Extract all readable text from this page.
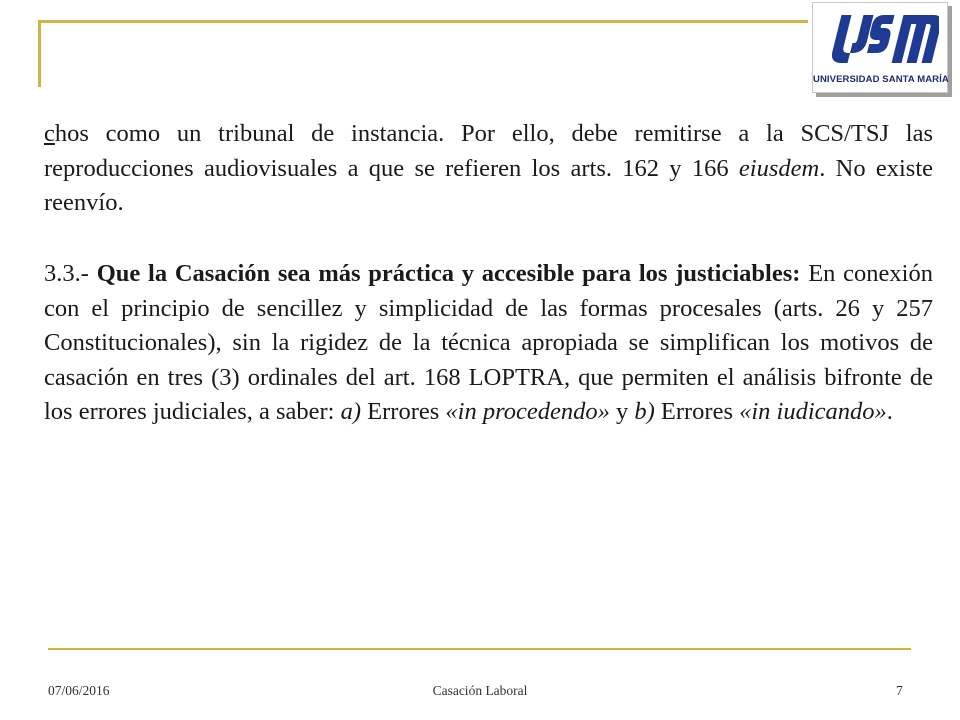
UNIVERSIDAD SANTA MARÍA

chos como un tribunal de instancia. Por ello, debe remitirse a la SCS/TSJ las reproducciones audiovisuales a que se refieren los arts. 162 y 166 eiusdem. No existe reenvío.

3.3.- Que la Casación sea más práctica y accesible para los justiciables: En conexión con el principio de sencillez y simplicidad de las formas procesales (arts. 26 y 257 Constitucionales), sin la rigidez de la técnica apropiada se simplifican los motivos de casación en tres (3) ordinales del art. 168 LOPTRA, que permiten el análisis bifronte de los errores judiciales, a saber: a) Errores «in procedendo» y b) Errores «in iudicando».

07/06/2016	Casación Laboral	7
